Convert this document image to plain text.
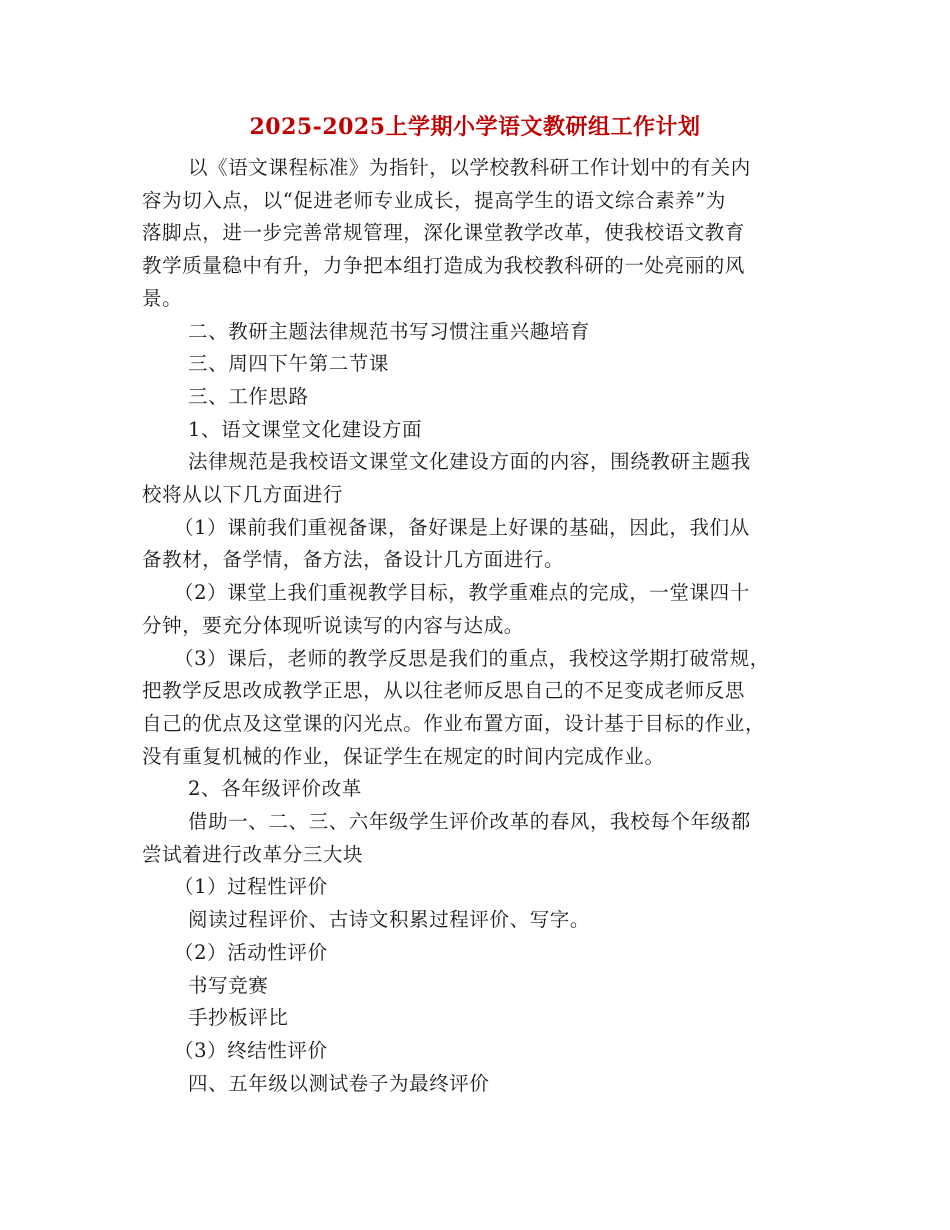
2025-2025上学期小学语文教研组工作计划

以《语文课程标准》为指针，以学校教科研工作计划中的有关内

容为切入点，以“促进老师专业成长，提高学生的语文综合素养”为

落脚点，进一步完善常规管理，深化课堂教学改革，使我校语文教育

教学质量稳中有升，力争把本组打造成为我校教科研的一处亮丽的风

景。

二、教研主题法律规范书写习惯注重兴趣培育

三、周四下午第二节课

三、工作思路

1、语文课堂文化建设方面

法律规范是我校语文课堂文化建设方面的内容，围绕教研主题我

校将从以下几方面进行

（1）课前我们重视备课，备好课是上好课的基础，因此，我们从

备教材，备学情，备方法，备设计几方面进行。

（2）课堂上我们重视教学目标，教学重难点的完成，一堂课四十

分钟，要充分体现听说读写的内容与达成。

（3）课后，老师的教学反思是我们的重点，我校这学期打破常规，

把教学反思改成教学正思，从以往老师反思自己的不足变成老师反思

自己的优点及这堂课的闪光点。作业布置方面，设计基于目标的作业，

没有重复机械的作业，保证学生在规定的时间内完成作业。

2、各年级评价改革

借助一、二、三、六年级学生评价改革的春风，我校每个年级都

尝试着进行改革分三大块

（1）过程性评价

阅读过程评价、古诗文积累过程评价、写字。

（2）活动性评价

书写竞赛

手抄板评比

（3）终结性评价

四、五年级以测试卷子为最终评价
